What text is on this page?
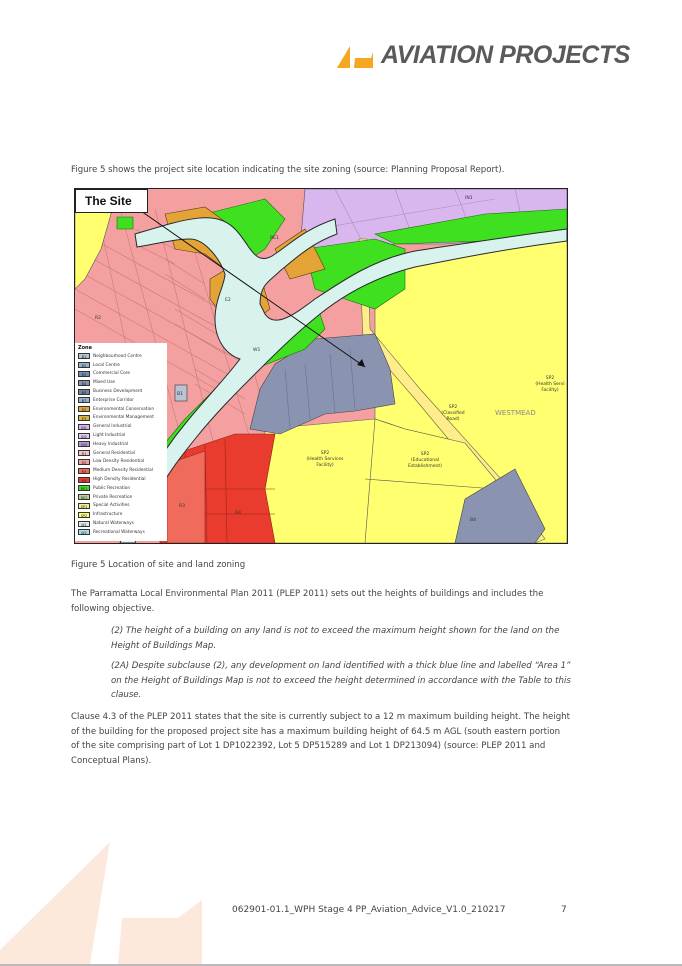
AVIATION PROJECTS
Figure 5 shows the project site location indicating the site zoning (source: Planning Proposal Report).
IN1
RE1
E2
W1
B1
R2
R3
R4
B4
SP2
(Health Services
Facility)
SP2
(Educational
Establishment)
SP2
(Classified
Road)
SP2
(Health Servi
Facility)
WESTMEAD
The Site
Zone
B1	Neighbourhood Centre
B2	Local Centre
B3	Commercial Core
B4	Mixed Use
B5	Business Development
B7	Enterprise Corridor
E2	Environmental Conservation
E3	Environmental Management
IN1	General Industrial
IN2	Light Industrial
IN3	Heavy Industrial
R1	General Residential
R2	Low Density Residential
R3	Medium Density Residential
R4	High Density Residential
RE1	Public Recreation
RE2	Private Recreation
SP1	Special Activities
SP2	Infrastructure
W1	Natural Waterways
W2	Recreational Waterways
Figure 5 Location of site and land zoning
The Parramatta Local Environmental Plan 2011 (PLEP 2011) sets out the heights of buildings and includes the following objective.
(2) The height of a building on any land is not to exceed the maximum height shown for the land on the Height of Buildings Map.
(2A) Despite subclause (2), any development on land identified with a thick blue line and labelled “Area 1” on the Height of Buildings Map is not to exceed the height determined in accordance with the Table to this clause.
Clause 4.3 of the PLEP 2011 states that the site is currently subject to a 12 m maximum building height. The height of the building for the proposed project site has a maximum building height of 64.5 m AGL (south eastern portion of the site comprising part of Lot 1 DP1022392, Lot 5 DP515289 and Lot 1 DP213094) (source: PLEP 2011 and Conceptual Plans).
062901-01.1_WPH Stage 4 PP_Aviation_Advice_V1.0_210217	7
